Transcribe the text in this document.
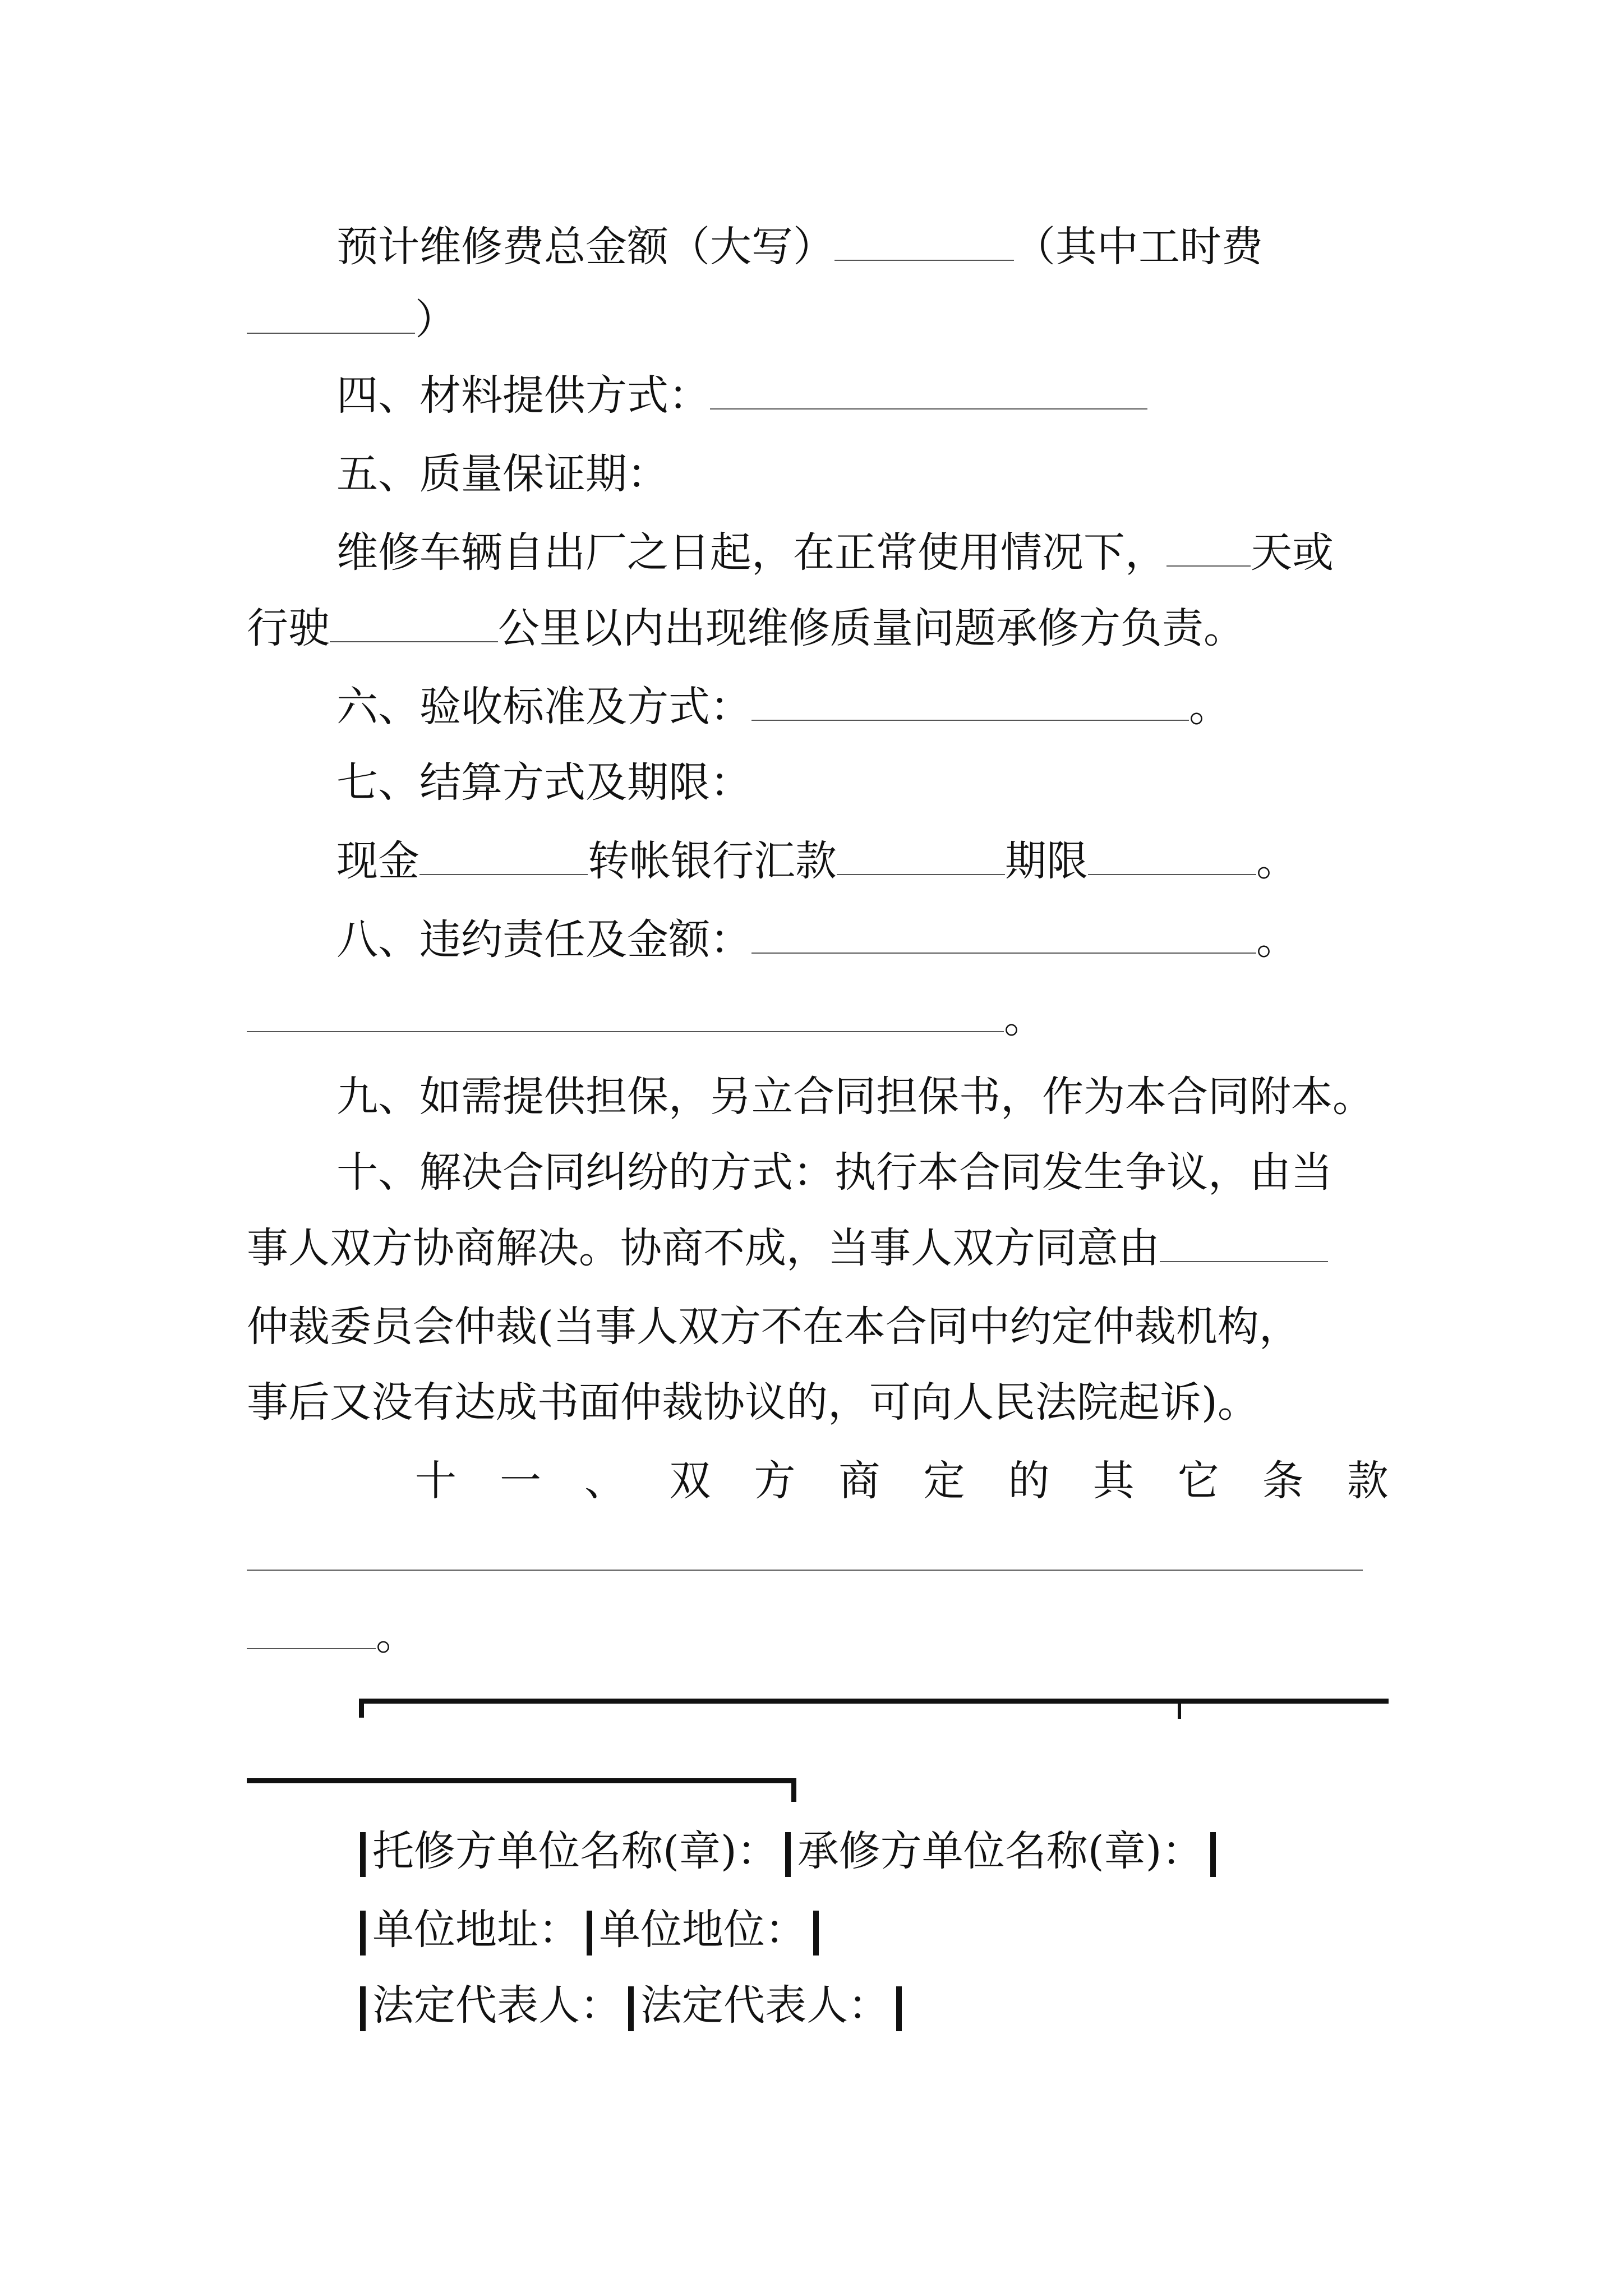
预计维修费总金额（大写）	（其中工时费
）
四、材料提供方式：
五、质量保证期：
维修车辆自出厂之日起，在正常使用情况下， 天或
行驶	公里以内出现维修质量问题承修方负责。
六、验收标准及方式：	。
七、结算方式及期限：
现金	转帐银行汇款	期限	。
八、违约责任及金额：	。
。
九、如需提供担保，另立合同担保书，作为本合同附本。
十、解决合同纠纷的方式：执行本合同发生争议，由当
事人双方协商解决。协商不成，当事人双方同意由
仲裁委员会仲裁(当事人双方不在本合同中约定仲裁机构，
事后又没有达成书面仲裁协议的，可向人民法院起诉)。
十 一 、 双 方 商 定 的 其 它 条 款
。
托修方单位名称(章)： 承修方单位名称(章)：
单位地址： 单位地位：
法定代表人： 法定代表人：
